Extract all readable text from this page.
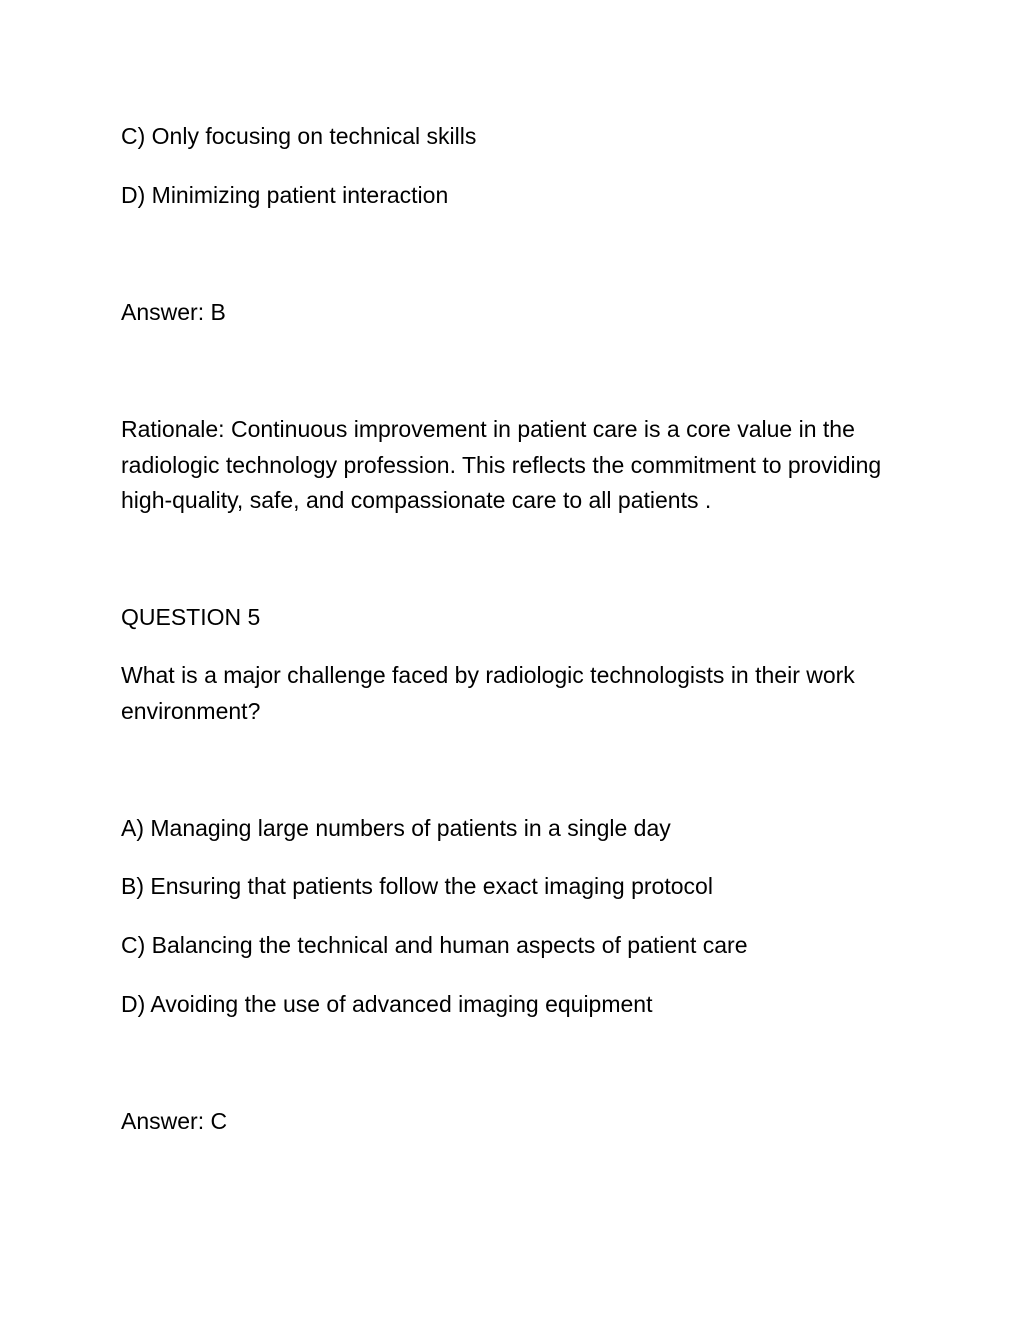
C) Only focusing on technical skills
D) Minimizing patient interaction
Answer: B
Rationale: Continuous improvement in patient care is a core value in the radiologic technology profession. This reflects the commitment to providing high-quality, safe, and compassionate care to all patients .
QUESTION 5
What is a major challenge faced by radiologic technologists in their work environment?
A) Managing large numbers of patients in a single day
B) Ensuring that patients follow the exact imaging protocol
C) Balancing the technical and human aspects of patient care
D) Avoiding the use of advanced imaging equipment
Answer: C
